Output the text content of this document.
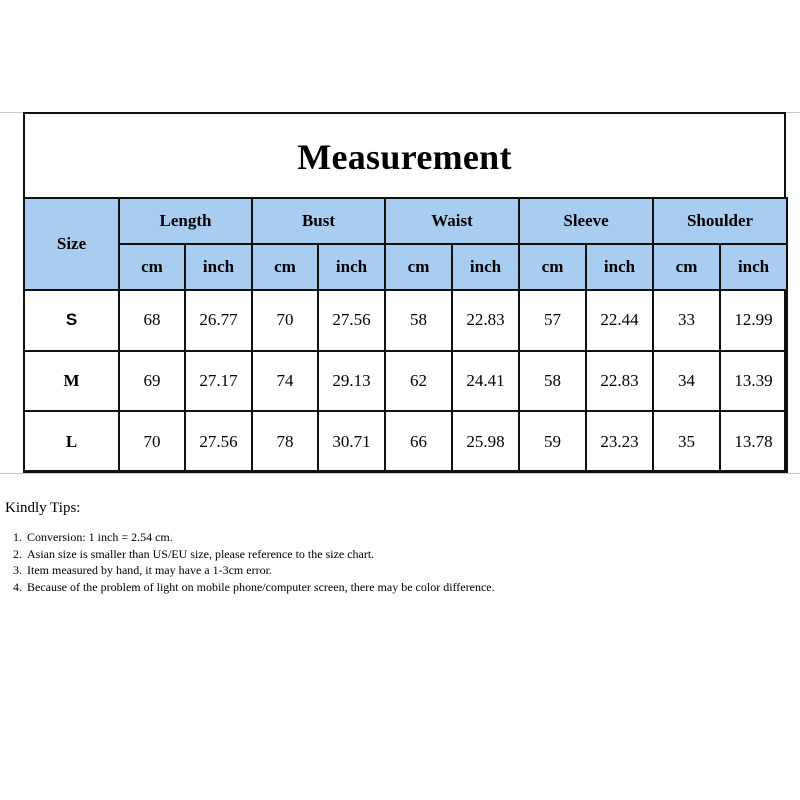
Measurement
Size	Length		Bust		Waist		Sleeve		Shoulder	
	cm	inch	cm	inch	cm	inch	cm	inch	cm	inch
S	68	26.77	70	27.56	58	22.83	57	22.44	33	12.99
M	69	27.17	74	29.13	62	24.41	58	22.83	34	13.39
L	70	27.56	78	30.71	66	25.98	59	23.23	35	13.78
Kindly Tips:
1. Conversion: 1 inch = 2.54 cm.
2. Asian size is smaller than US/EU size, please reference to the size chart.
3. Item measured by hand, it may have a 1-3cm error.
4. Because of the problem of light on mobile phone/computer screen, there may be color difference.
